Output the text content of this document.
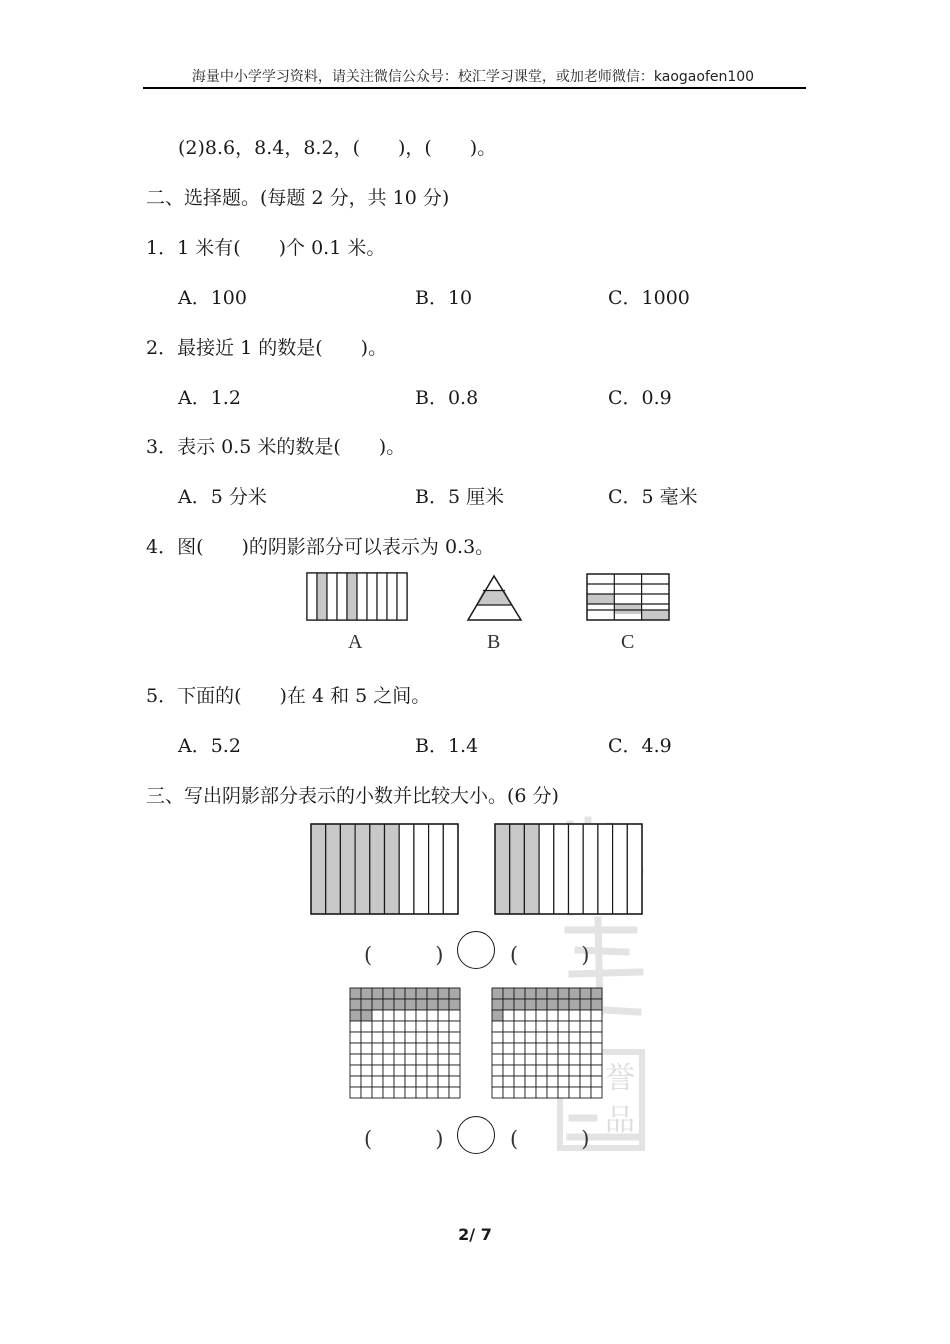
海量中小学学习资料，请关注微信公众号：校汇学习课堂，或加老师微信：kaogaofen100
(2)8.6，8.4，8.2，(　　)，(　　)。
二、选择题。(每题 2 分，共 10 分)
1．1 米有(　　)个 0.1 米。
A．100	B．10	C．1000
2．最接近 1 的数是(　　)。
A．1.2	B．0.8	C．0.9
3．表示 0.5 米的数是(　　)。
A．5 分米	B．5 厘米	C．5 毫米
4．图(　　)的阴影部分可以表示为 0.3。
A	B	C
5．下面的(　　)在 4 和 5 之间。
A．5.2	B．1.4	C．4.9
三、写出阴影部分表示的小数并比较大小。(6 分)
誉
品
(　　　)	(　　　)
(　　　)	(　　　)
2/ 7
